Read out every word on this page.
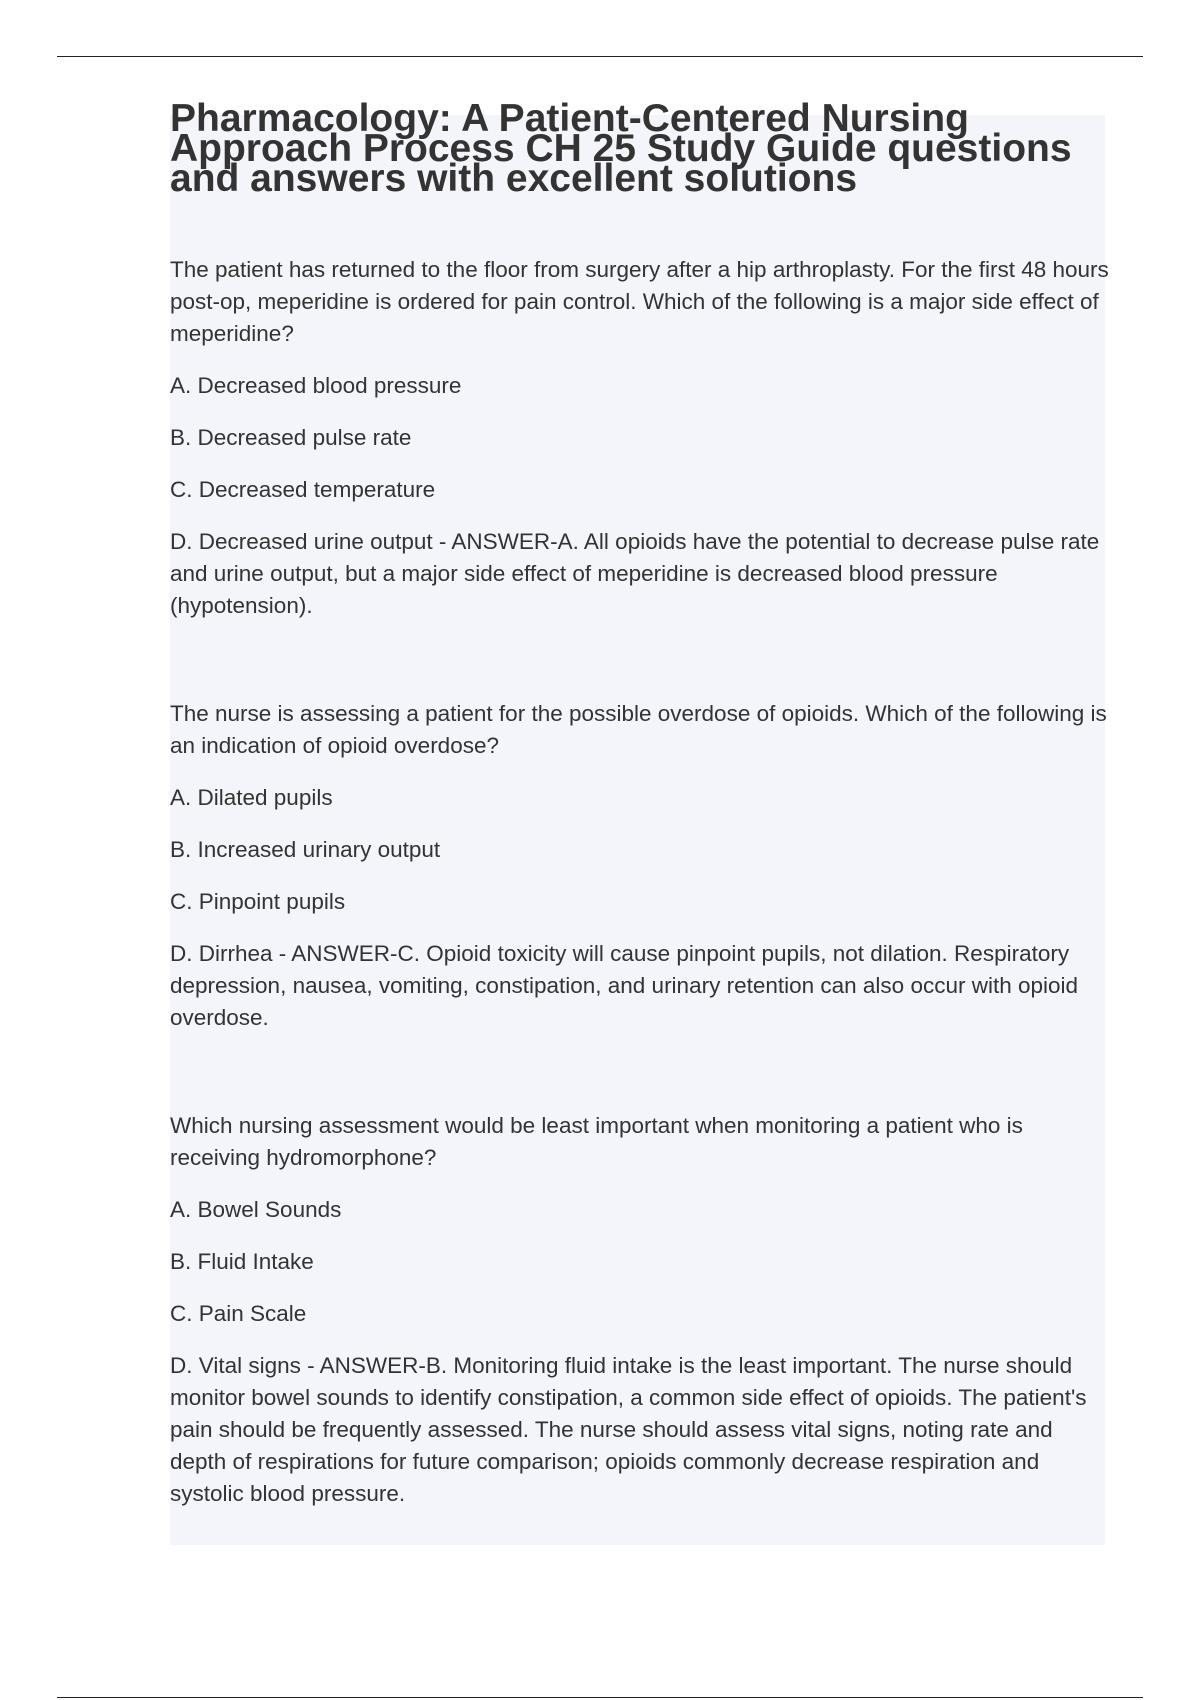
Pharmacology: A Patient-Centered Nursing Approach Process CH 25 Study Guide questions and answers with excellent solutions

The patient has returned to the floor from surgery after a hip arthroplasty. For the first 48 hours post-op, meperidine is ordered for pain control. Which of the following is a major side effect of meperidine?

A. Decreased blood pressure

B. Decreased pulse rate

C. Decreased temperature

D. Decreased urine output - ANSWER-A. All opioids have the potential to decrease pulse rate and urine output, but a major side effect of meperidine is decreased blood pressure (hypotension).

The nurse is assessing a patient for the possible overdose of opioids. Which of the following is an indication of opioid overdose?

A. Dilated pupils

B. Increased urinary output

C. Pinpoint pupils

D. Dirrhea - ANSWER-C. Opioid toxicity will cause pinpoint pupils, not dilation. Respiratory depression, nausea, vomiting, constipation, and urinary retention can also occur with opioid overdose.

Which nursing assessment would be least important when monitoring a patient who is receiving hydromorphone?

A. Bowel Sounds

B. Fluid Intake

C. Pain Scale

D. Vital signs - ANSWER-B. Monitoring fluid intake is the least important. The nurse should monitor bowel sounds to identify constipation, a common side effect of opioids. The patient's pain should be frequently assessed. The nurse should assess vital signs, noting rate and depth of respirations for future comparison; opioids commonly decrease respiration and systolic blood pressure.
